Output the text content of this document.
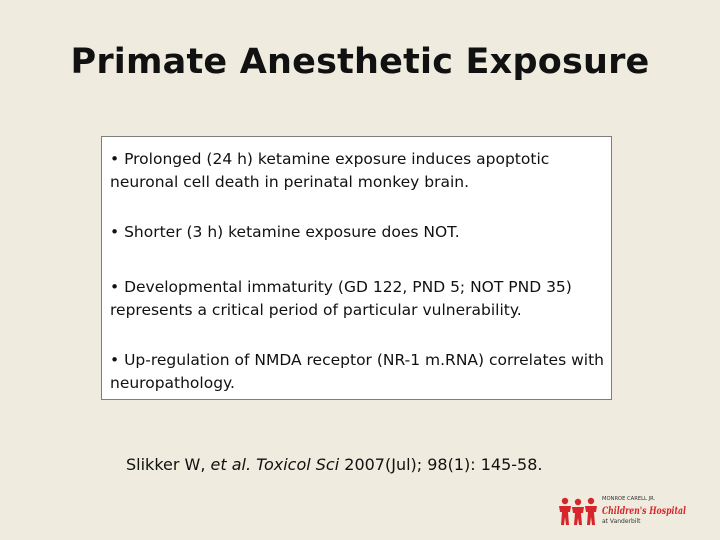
Primate Anesthetic Exposure
• Prolonged (24 h) ketamine exposure induces apoptotic neuronal cell death in perinatal monkey brain.
• Shorter (3 h) ketamine exposure does NOT.
• Developmental immaturity (GD 122, PND 5; NOT PND 35) represents a critical period of particular vulnerability.
• Up-regulation of NMDA receptor (NR-1 m.RNA) correlates with neuropathology.
Slikker W, et al. Toxicol Sci 2007(Jul); 98(1): 145-58.
MONROE CARELL JR.
Children's Hospital
at Vanderbilt
